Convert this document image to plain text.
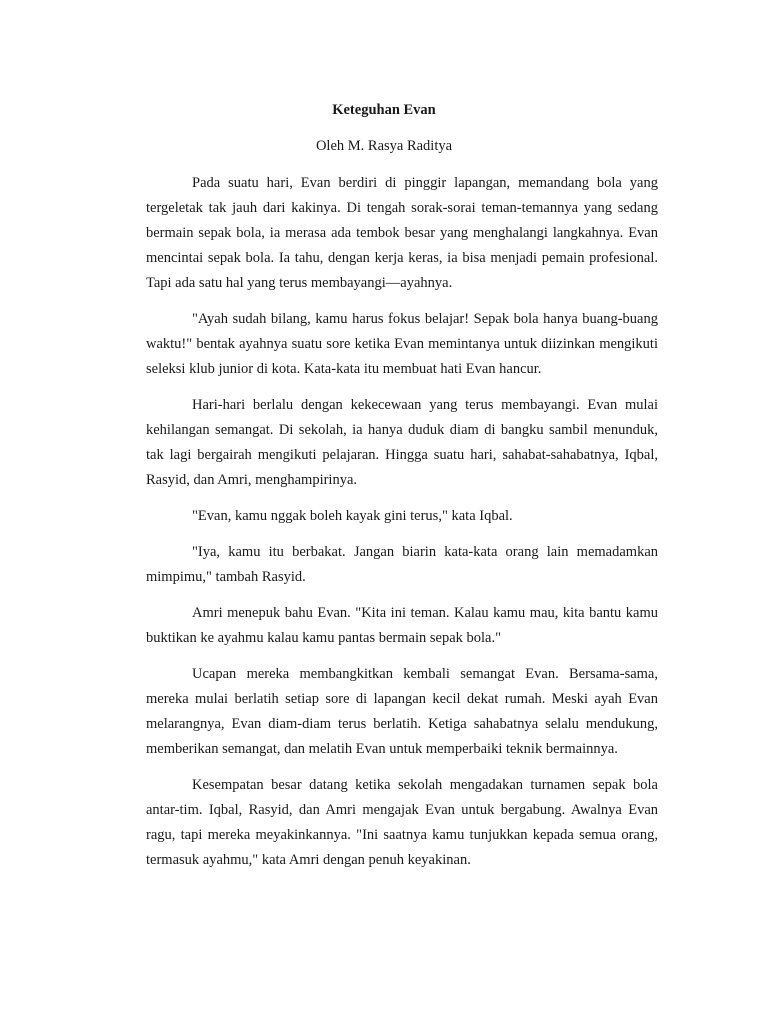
Keteguhan Evan

Oleh M. Rasya Raditya

Pada suatu hari, Evan berdiri di pinggir lapangan, memandang bola yang tergeletak tak jauh dari kakinya. Di tengah sorak-sorai teman-temannya yang sedang bermain sepak bola, ia merasa ada tembok besar yang menghalangi langkahnya. Evan mencintai sepak bola. Ia tahu, dengan kerja keras, ia bisa menjadi pemain profesional. Tapi ada satu hal yang terus membayangi—ayahnya.

"Ayah sudah bilang, kamu harus fokus belajar! Sepak bola hanya buang-buang waktu!" bentak ayahnya suatu sore ketika Evan memintanya untuk diizinkan mengikuti seleksi klub junior di kota. Kata-kata itu membuat hati Evan hancur.

Hari-hari berlalu dengan kekecewaan yang terus membayangi. Evan mulai kehilangan semangat. Di sekolah, ia hanya duduk diam di bangku sambil menunduk, tak lagi bergairah mengikuti pelajaran. Hingga suatu hari, sahabat-sahabatnya, Iqbal, Rasyid, dan Amri, menghampirinya.

"Evan, kamu nggak boleh kayak gini terus," kata Iqbal.

"Iya, kamu itu berbakat. Jangan biarin kata-kata orang lain memadamkan mimpimu," tambah Rasyid.

Amri menepuk bahu Evan. "Kita ini teman. Kalau kamu mau, kita bantu kamu buktikan ke ayahmu kalau kamu pantas bermain sepak bola."

Ucapan mereka membangkitkan kembali semangat Evan. Bersama-sama, mereka mulai berlatih setiap sore di lapangan kecil dekat rumah. Meski ayah Evan melarangnya, Evan diam-diam terus berlatih. Ketiga sahabatnya selalu mendukung, memberikan semangat, dan melatih Evan untuk memperbaiki teknik bermainnya.

Kesempatan besar datang ketika sekolah mengadakan turnamen sepak bola antar-tim. Iqbal, Rasyid, dan Amri mengajak Evan untuk bergabung. Awalnya Evan ragu, tapi mereka meyakinkannya. "Ini saatnya kamu tunjukkan kepada semua orang, termasuk ayahmu," kata Amri dengan penuh keyakinan.
